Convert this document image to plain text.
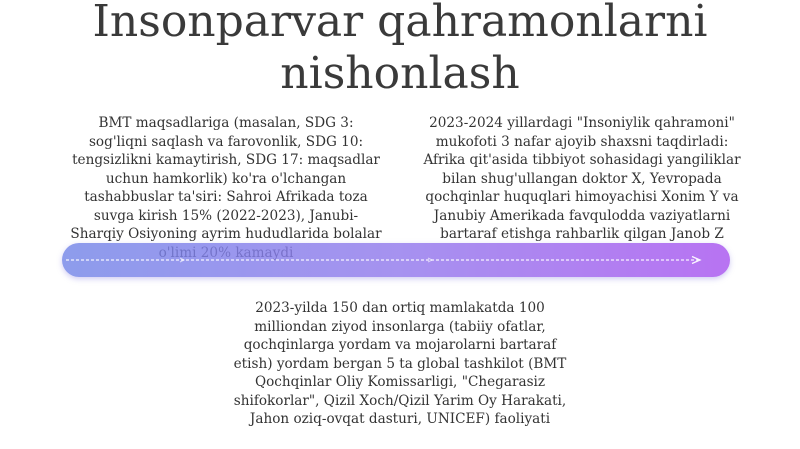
Insonparvar qahramonlarni nishonlash

BMT maqsadlariga (masalan, SDG 3: sog'liqni saqlash va farovonlik, SDG 10: tengsizlikni kamaytirish, SDG 17: maqsadlar uchun hamkorlik) ko'ra o'lchangan tashabbuslar ta'siri: Sahroi Afrikada toza suvga kirish 15% (2022-2023), Janubi-Sharqiy Osiyoning ayrim hududlarida bolalar

2023-2024 yillardagi "Insoniylik qahramoni" mukofoti 3 nafar ajoyib shaxsni taqdirladi: Afrika qit'asida tibbiyot sohasidagi yangiliklar bilan shug'ullangan doktor X, Yevropada qochqinlar huquqlari himoyachisi Xonim Y va Janubiy Amerikada favqulodda vaziyatlarni bartaraf etishga rahbarlik qilgan Janob Z

2023-yilda 150 dan ortiq mamlakatda 100 milliondan ziyod insonlarga (tabiiy ofatlar, qochqinlarga yordam va mojarolarni bartaraf etish) yordam bergan 5 ta global tashkilot (BMT Qochqinlar Oliy Komissarligi, "Chegarasiz shifokorlar", Qizil Xoch/Qizil Yarim Oy Harakati, Jahon oziq-ovqat dasturi, UNICEF) faoliyati
